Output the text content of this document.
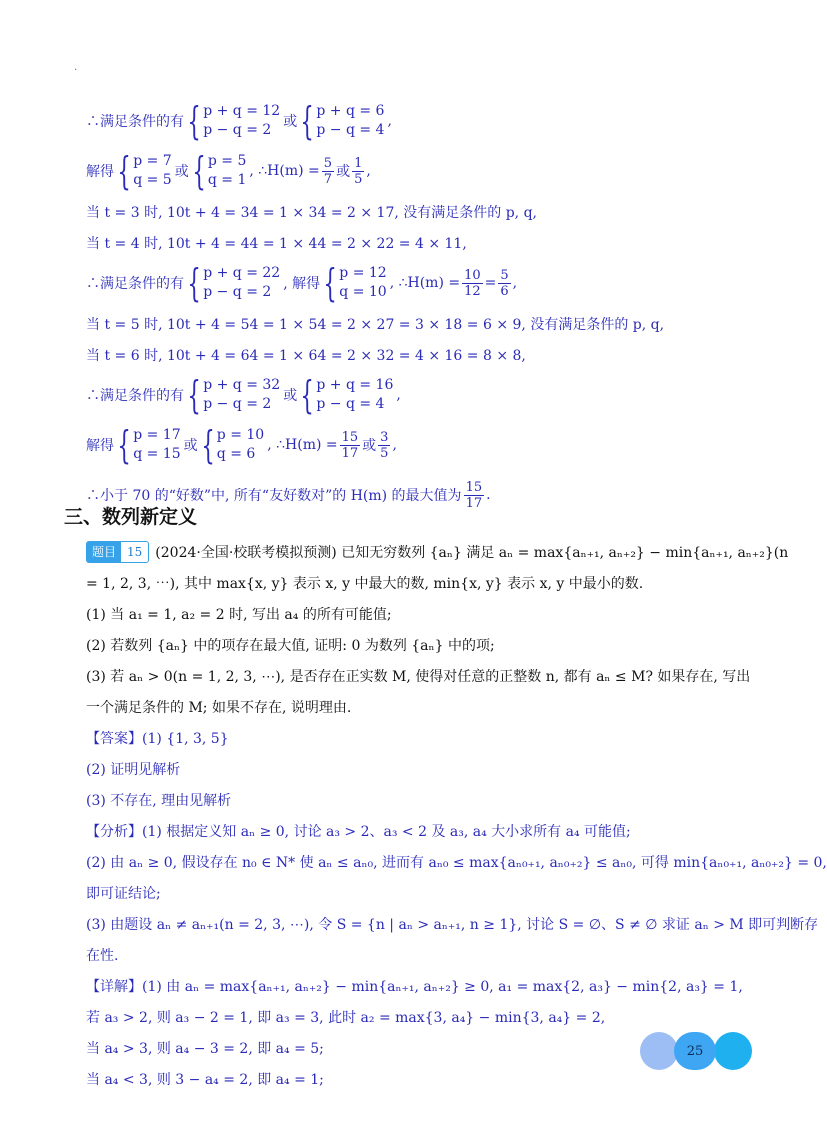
.
∴满足条件的有 { p + q = 12
p − q = 2 或 { p + q = 6
p − q = 4
,
解得 { p = 7
q = 5 或 { p = 5
q = 1
, ∴H(m) = $\frac{5}{7}$ 或 $\frac{1}{5}$ ,
当 t = 3 时, 10t + 4 = 34 = 1 × 34 = 2 × 17, 没有满足条件的 p, q,
当 t = 4 时, 10t + 4 = 44 = 1 × 44 = 2 × 22 = 4 × 11,
∴满足条件的有 { p + q = 22
p − q = 2 , 解得 { p = 12
q = 10
, ∴H(m) = $\frac{10}{12} = \frac{5}{6}$ ,
当 t = 5 时, 10t + 4 = 54 = 1 × 54 = 2 × 27 = 3 × 18 = 6 × 9, 没有满足条件的 p, q,
当 t = 6 时, 10t + 4 = 64 = 1 × 64 = 2 × 32 = 4 × 16 = 8 × 8,
∴满足条件的有 { p + q = 32
p − q = 2 或 { p + q = 16
p − q = 4
,
解得 { p = 17
q = 15 或 { p = 10
q = 6
, ∴H(m) = $\frac{15}{17}$ 或 $\frac{3}{5}$ ,
∴小于 70 的“好数”中, 所有“友好数对”的 H(m) 的最大值为 $\frac{15}{17}$ .
三、数列新定义
题目 15 (2024·全国·校联考模拟预测) 已知无穷数列 {aₙ} 满足 aₙ = max{aₙ₊₁, aₙ₊₂} − min{aₙ₊₁, aₙ₊₂}(n
= 1, 2, 3, ⋯), 其中 max{x, y} 表示 x, y 中最大的数, min{x, y} 表示 x, y 中最小的数.
(1) 当 a₁ = 1, a₂ = 2 时, 写出 a₄ 的所有可能值;
(2) 若数列 {aₙ} 中的项存在最大值, 证明: 0 为数列 {aₙ} 中的项;
(3) 若 aₙ > 0(n = 1, 2, 3, ⋯), 是否存在正实数 M, 使得对任意的正整数 n, 都有 aₙ ≤ M? 如果存在, 写出
一个满足条件的 M; 如果不存在, 说明理由.
【答案】(1) {1, 3, 5}
(2) 证明见解析
(3) 不存在, 理由见解析
【分析】(1) 根据定义知 aₙ ≥ 0, 讨论 a₃ > 2、a₃ < 2 及 a₃, a₄ 大小求所有 a₄ 可能值;
(2) 由 aₙ ≥ 0, 假设存在 n₀ ∈ N* 使 aₙ ≤ aₙ₀, 进而有 aₙ₀ ≤ max{aₙ₀₊₁, aₙ₀₊₂} ≤ aₙ₀, 可得 min{aₙ₀₊₁, aₙ₀₊₂} = 0,
即可证结论;
(3) 由题设 aₙ ≠ aₙ₊₁(n = 2, 3, ⋯), 令 S = {n | aₙ > aₙ₊₁, n ≥ 1}, 讨论 S = ∅、S ≠ ∅ 求证 aₙ > M 即可判断存
在性.
【详解】(1) 由 aₙ = max{aₙ₊₁, aₙ₊₂} − min{aₙ₊₁, aₙ₊₂} ≥ 0, a₁ = max{2, a₃} − min{2, a₃} = 1,
若 a₃ > 2, 则 a₃ − 2 = 1, 即 a₃ = 3, 此时 a₂ = max{3, a₄} − min{3, a₄} = 2,
当 a₄ > 3, 则 a₄ − 3 = 2, 即 a₄ = 5;
当 a₄ < 3, 则 3 − a₄ = 2, 即 a₄ = 1;
25
